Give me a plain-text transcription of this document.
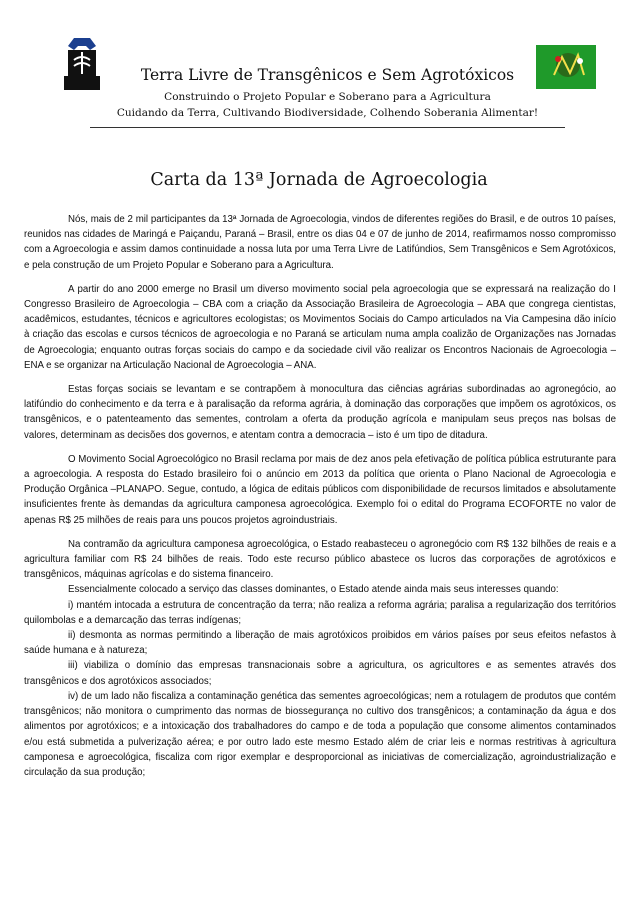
Terra Livre de Transgênicos e Sem Agrotóxicos
Construindo o Projeto Popular e Soberano para a Agricultura
Cuidando da Terra, Cultivando Biodiversidade, Colhendo Soberania Alimentar!
Carta da 13ª Jornada de Agroecologia

Nós, mais de 2 mil participantes da 13ª Jornada de Agroecologia, vindos de diferentes regiões do Brasil, e de outros 10 países, reunidos nas cidades de Maringá e Paiçandu, Paraná – Brasil, entre os dias 04 e 07 de junho de 2014, reafirmamos nosso compromisso com a Agroecologia e assim damos continuidade a nossa luta por uma Terra Livre de Latifúndios, Sem Transgênicos e Sem Agrotóxicos, e pela construção de um Projeto Popular e Soberano para a Agricultura.

A partir do ano 2000 emerge no Brasil um diverso movimento social pela agroecologia que se expressará na realização do I Congresso Brasileiro de Agroecologia – CBA com a criação da Associação Brasileira de Agroecologia – ABA que congrega cientistas, acadêmicos, estudantes, técnicos e agricultores ecologistas; os Movimentos Sociais do Campo articulados na Via Campesina dão início à criação das escolas e cursos técnicos de agroecologia e no Paraná se articulam numa ampla coalizão de Organizações nas Jornadas de Agroecologia; enquanto outras forças sociais do campo e da sociedade civil vão realizar os Encontros Nacionais de Agroecologia – ENA e se organizar na Articulação Nacional de Agroecologia – ANA.

Estas forças sociais se levantam e se contrapõem à monocultura das ciências agrárias subordinadas ao agronegócio, ao latifúndio do conhecimento e da terra e à paralisação da reforma agrária, à dominação das corporações que impõem os agrotóxicos, os transgênicos, e o patenteamento das sementes, controlam a oferta da produção agrícola e manipulam seus preços nas bolsas de valores, determinam as decisões dos governos, e atentam contra a democracia – isto é um tipo de ditadura.

O Movimento Social Agroecológico no Brasil reclama por mais de dez anos pela efetivação de política pública estruturante para a agroecologia. A resposta do Estado brasileiro foi o anúncio em 2013 da política que orienta o Plano Nacional de Agroecologia e Produção Orgânica –PLANAPO. Segue, contudo, a lógica de editais públicos com disponibilidade de recursos limitados e absolutamente insuficientes frente às demandas da agricultura camponesa agroecológica. Exemplo foi o edital do Programa ECOFORTE no valor de apenas R$ 25 milhões de reais para uns poucos projetos agroindustriais.

Na contramão da agricultura camponesa agroecológica, o Estado reabasteceu o agronegócio com R$ 132 bilhões de reais e a agricultura familiar com R$ 24 bilhões de reais. Todo este recurso público abastece os lucros das corporações de agrotóxicos e transgênicos, máquinas agrícolas e do sistema financeiro.

Essencialmente colocado a serviço das classes dominantes, o Estado atende ainda mais seus interesses quando:

i) mantém intocada a estrutura de concentração da terra; não realiza a reforma agrária; paralisa a regularização dos territórios quilombolas e a demarcação das terras indígenas;

ii) desmonta as normas permitindo a liberação de mais agrotóxicos proibidos em vários países por seus efeitos nefastos à saúde humana e à natureza;

iii) viabiliza o domínio das empresas transnacionais sobre a agricultura, os agricultores e as sementes através dos transgênicos e dos agrotóxicos associados;

iv) de um lado não fiscaliza a contaminação genética das sementes agroecológicas; nem a rotulagem de produtos que contém transgênicos; não monitora o cumprimento das normas de biossegurança no cultivo dos transgênicos; a contaminação da água e dos alimentos por agrotóxicos; e a intoxicação dos trabalhadores do campo e de toda a população que consome alimentos contaminados e/ou está submetida a pulverização aérea; e por outro lado este mesmo Estado além de criar leis e normas restritivas à agricultura camponesa e agroecológica, fiscaliza com rigor exemplar e desproporcional as iniciativas de comercialização, agroindustrialização e circulação da sua produção;
